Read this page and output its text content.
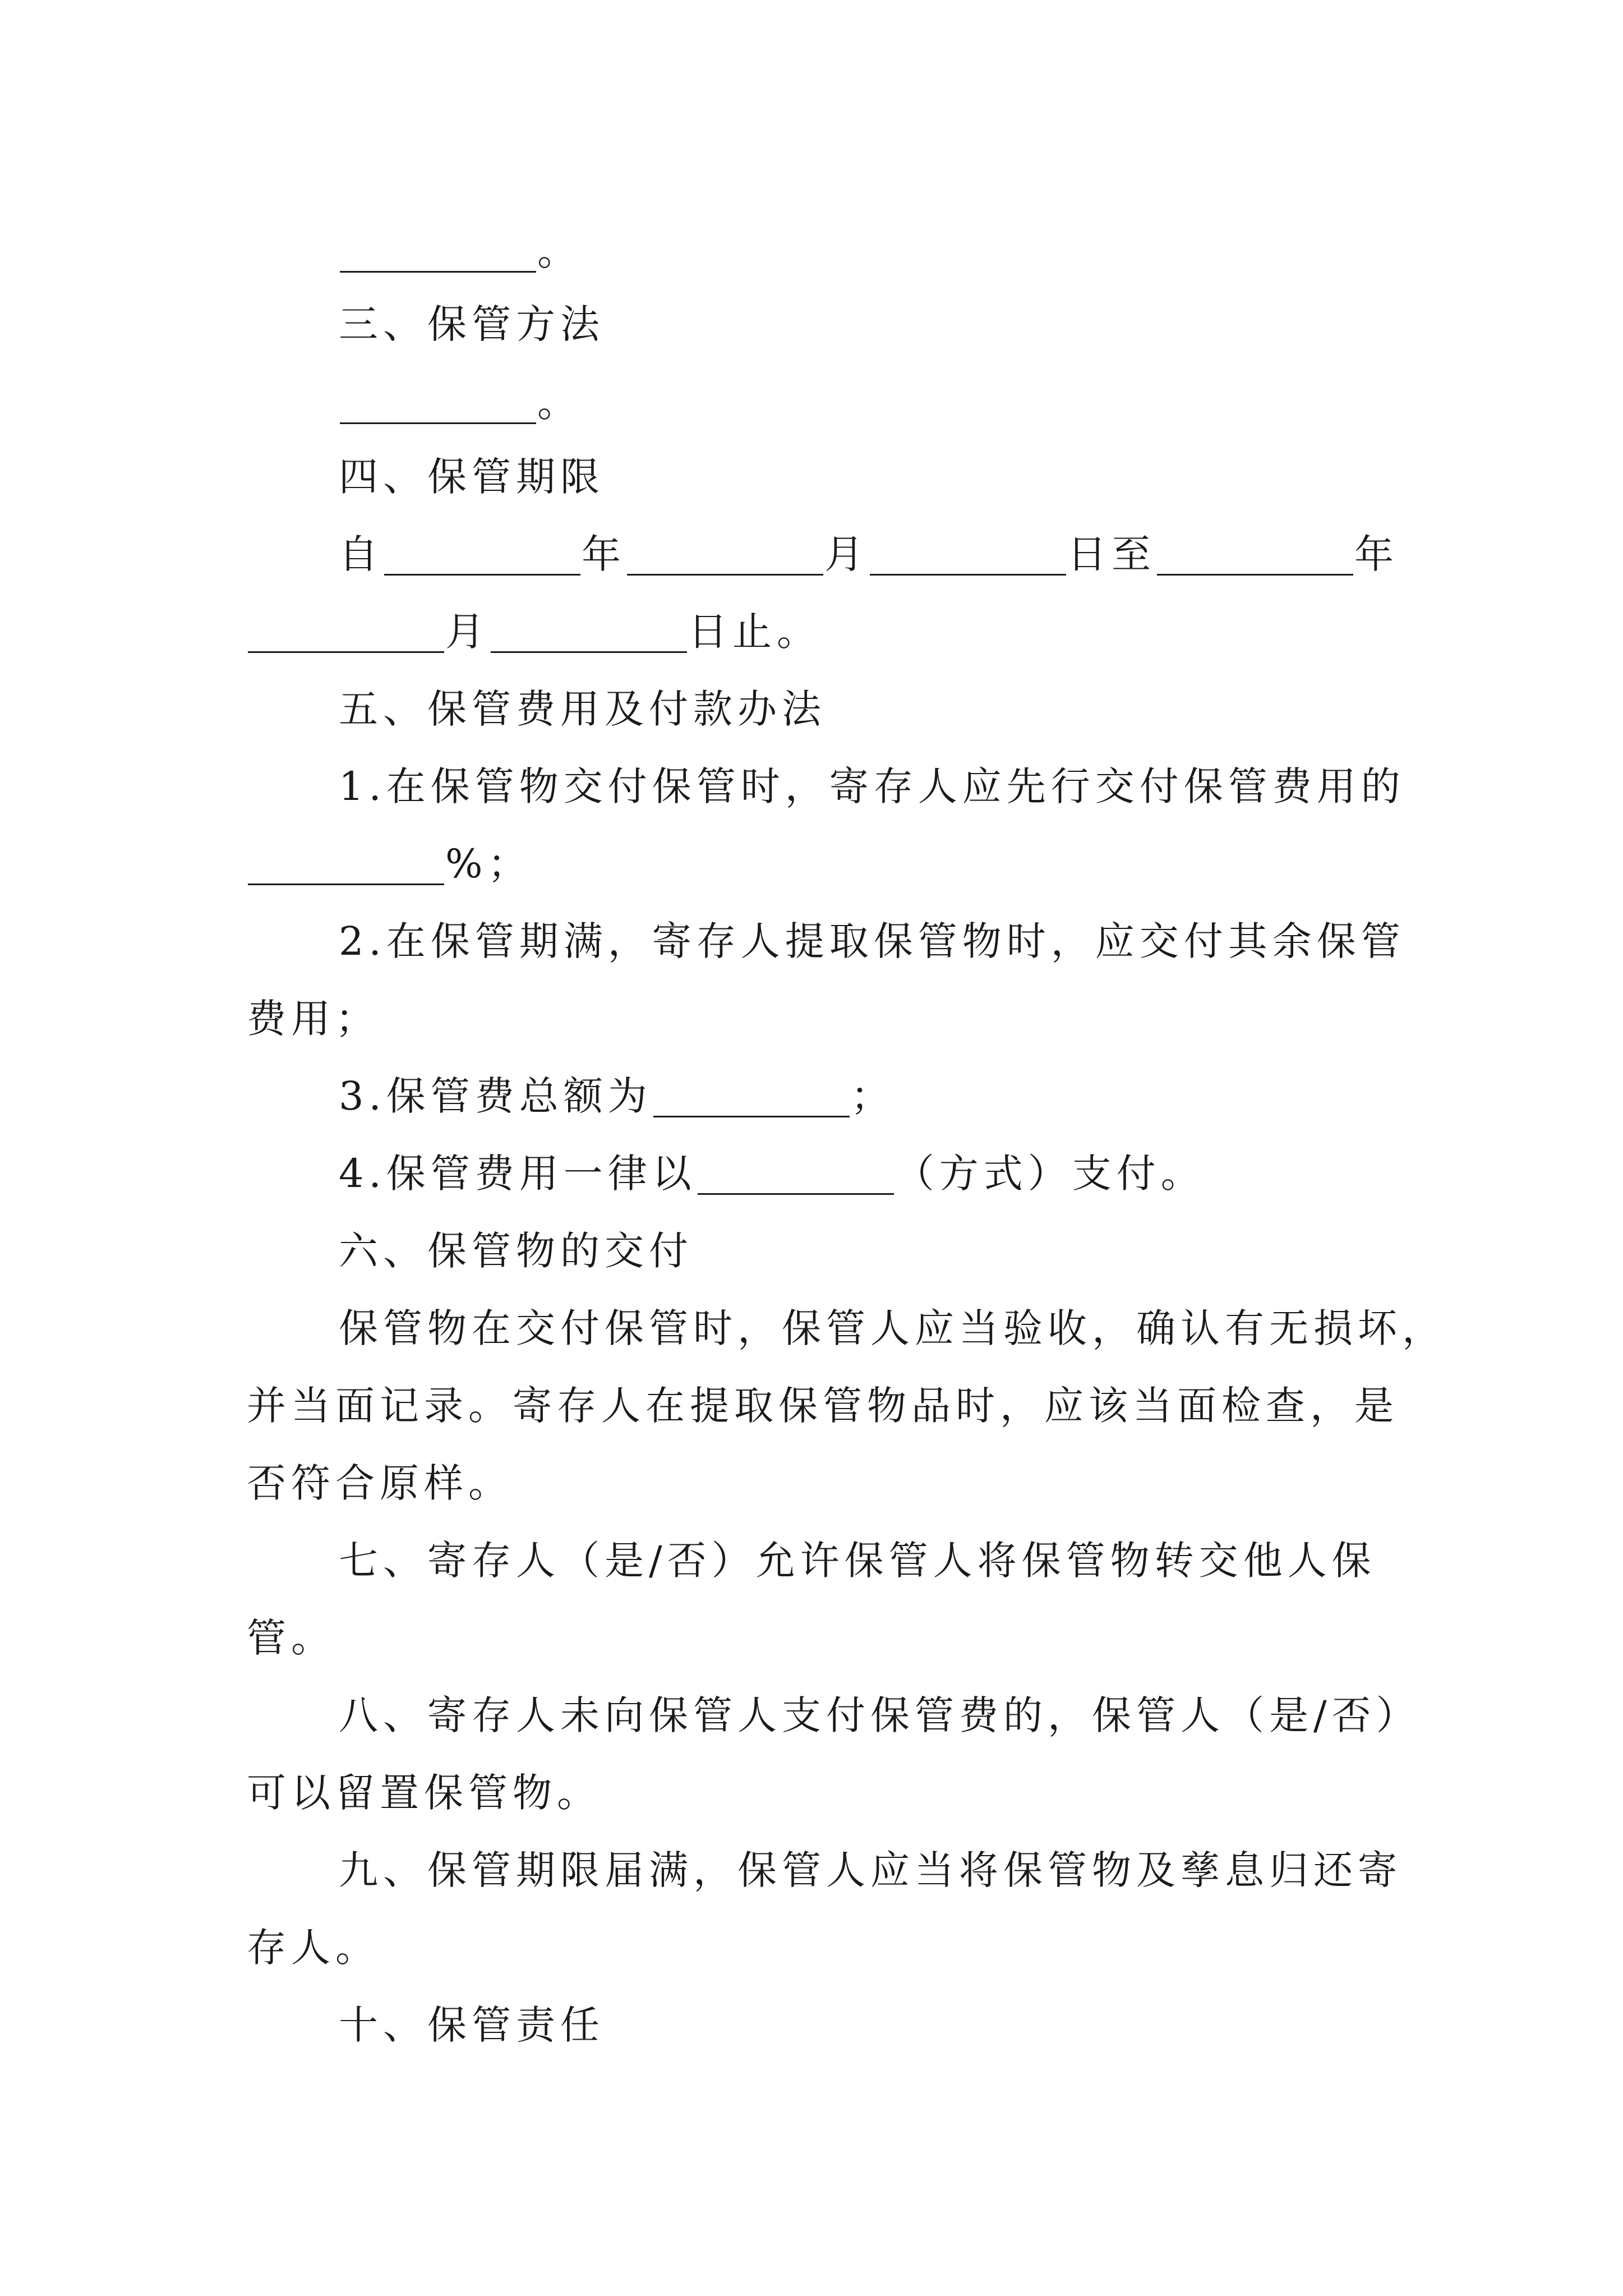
。
三、保管方法
。
四、保管期限
自	年	月	日至	年
月	日止。
五、保管费用及付款办法
1.在保管物交付保管时，寄存人应先行交付保管费用的
%；
2.在保管期满，寄存人提取保管物时，应交付其余保管
费用；
3.保管费总额为	；
4.保管费用一律以	（方式）支付。
六、保管物的交付
保管物在交付保管时，保管人应当验收，确认有无损坏，
并当面记录。寄存人在提取保管物品时，应该当面检查，是
否符合原样。
七、寄存人（是/否）允许保管人将保管物转交他人保
管。
八、寄存人未向保管人支付保管费的，保管人（是/否）
可以留置保管物。
九、保管期限届满，保管人应当将保管物及孳息归还寄
存人。
十、保管责任
